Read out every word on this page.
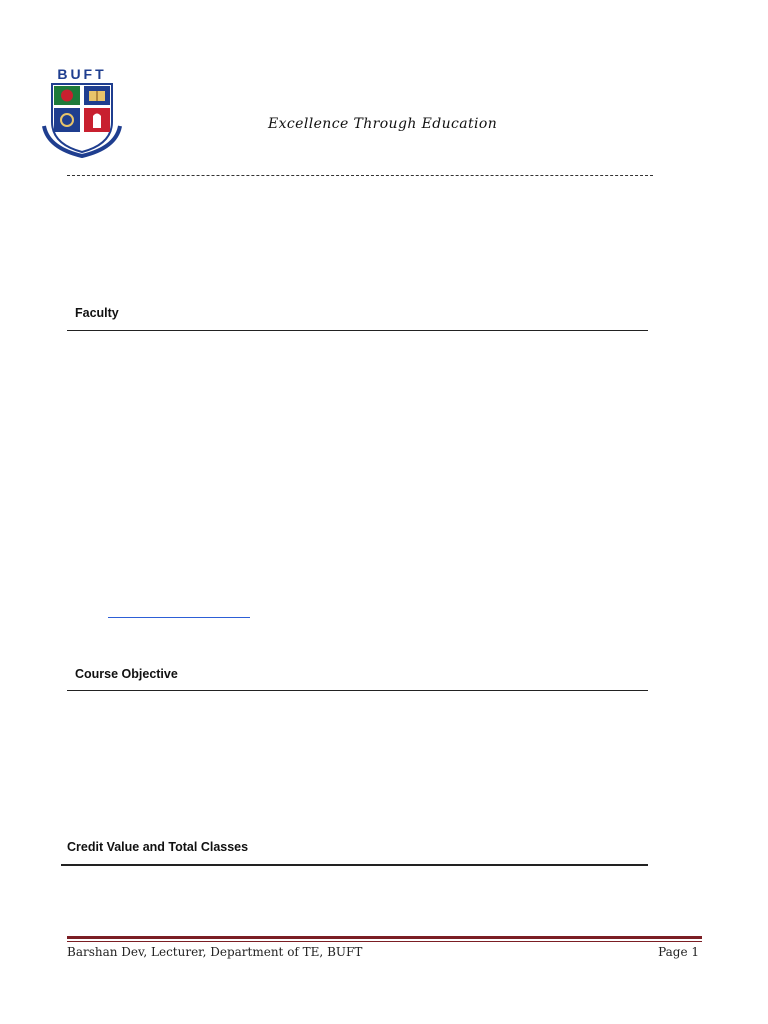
BUFT
Excellence Through Education
Faculty
Course Objective
Credit Value and Total Classes
Barshan Dev, Lecturer, Department of TE, BUFT	Page 1
